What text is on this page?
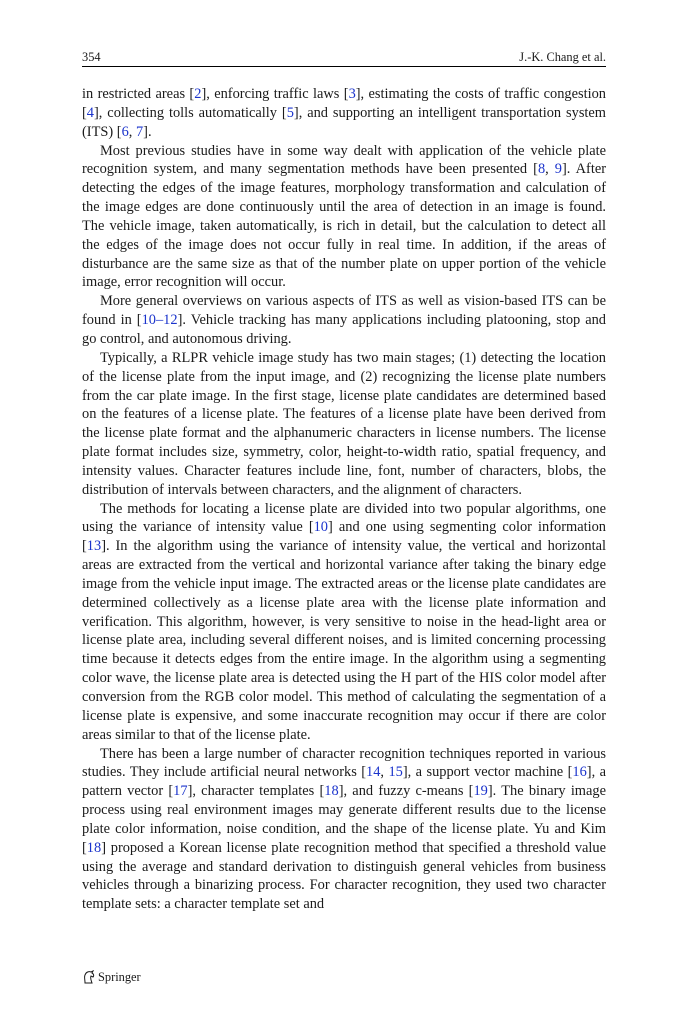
354	J.-K. Chang et al.

in restricted areas [2], enforcing traffic laws [3], estimating the costs of traffic congestion [4], collecting tolls automatically [5], and supporting an intelligent transportation system (ITS) [6, 7].

Most previous studies have in some way dealt with application of the vehicle plate recognition system, and many segmentation methods have been presented [8, 9]. After detecting the edges of the image features, morphology transformation and calculation of the image edges are done continuously until the area of detection in an image is found. The vehicle image, taken automatically, is rich in detail, but the calculation to detect all the edges of the image does not occur fully in real time. In addition, if the areas of disturbance are the same size as that of the number plate on upper portion of the vehicle image, error recognition will occur.

More general overviews on various aspects of ITS as well as vision-based ITS can be found in [10–12]. Vehicle tracking has many applications including platooning, stop and go control, and autonomous driving.

Typically, a RLPR vehicle image study has two main stages; (1) detecting the location of the license plate from the input image, and (2) recognizing the license plate numbers from the car plate image. In the first stage, license plate candidates are determined based on the features of a license plate. The features of a license plate have been derived from the license plate format and the alphanumeric characters in license numbers. The license plate format includes size, symmetry, color, height-to-width ratio, spatial frequency, and intensity values. Character features include line, font, number of characters, blobs, the distribution of intervals between characters, and the alignment of characters.

The methods for locating a license plate are divided into two popular algorithms, one using the variance of intensity value [10] and one using segmenting color information [13]. In the algorithm using the variance of intensity value, the vertical and horizontal areas are extracted from the vertical and horizontal variance after taking the binary edge image from the vehicle input image. The extracted areas or the license plate candidates are determined collectively as a license plate area with the license plate information and verification. This algorithm, however, is very sensitive to noise in the head-light area or license plate area, including several different noises, and is limited concerning processing time because it detects edges from the entire image. In the algorithm using a segmenting color wave, the license plate area is detected using the H part of the HIS color model after conversion from the RGB color model. This method of calculating the segmentation of a license plate is expensive, and some inaccurate recognition may occur if there are color areas similar to that of the license plate.

There has been a large number of character recognition techniques reported in various studies. They include artificial neural networks [14, 15], a support vector machine [16], a pattern vector [17], character templates [18], and fuzzy c-means [19]. The binary image process using real environment images may generate different results due to the license plate color information, noise condition, and the shape of the license plate. Yu and Kim [18] proposed a Korean license plate recognition method that specified a threshold value using the average and standard derivation to distinguish general vehicles from business vehicles through a binarizing process. For character recognition, they used two character template sets: a character template set and

Springer
